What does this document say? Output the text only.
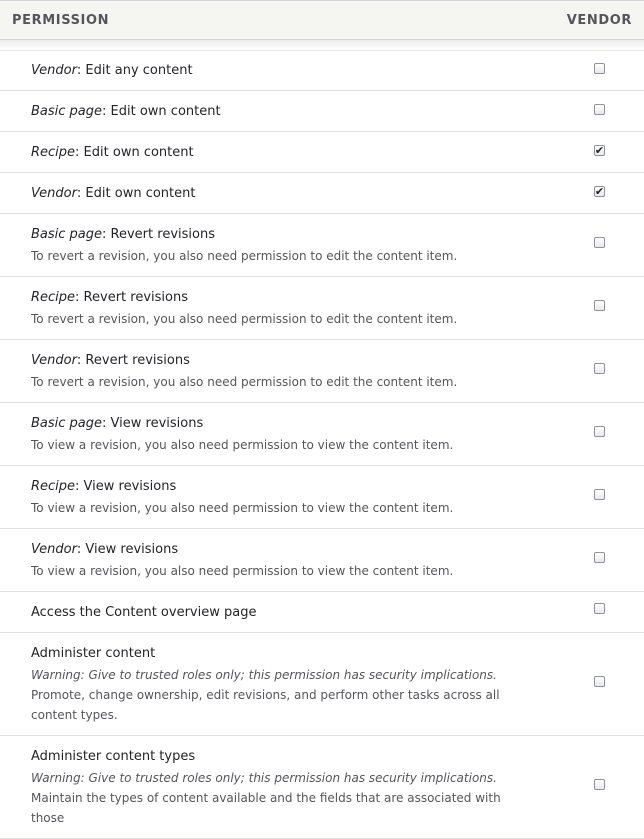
PERMISSION	VENDOR
Vendor: Edit any content
Basic page: Edit own content
Recipe: Edit own content	✔
Vendor: Edit own content	✔
Basic page: Revert revisions
To revert a revision, you also need permission to edit the content item.
Recipe: Revert revisions
To revert a revision, you also need permission to edit the content item.
Vendor: Revert revisions
To revert a revision, you also need permission to edit the content item.
Basic page: View revisions
To view a revision, you also need permission to view the content item.
Recipe: View revisions
To view a revision, you also need permission to view the content item.
Vendor: View revisions
To view a revision, you also need permission to view the content item.
Access the Content overview page
Administer content
Warning: Give to trusted roles only; this permission has security implications.
Promote, change ownership, edit revisions, and perform other tasks across all content types.
Administer content types
Warning: Give to trusted roles only; this permission has security implications.
Maintain the types of content available and the fields that are associated with those
